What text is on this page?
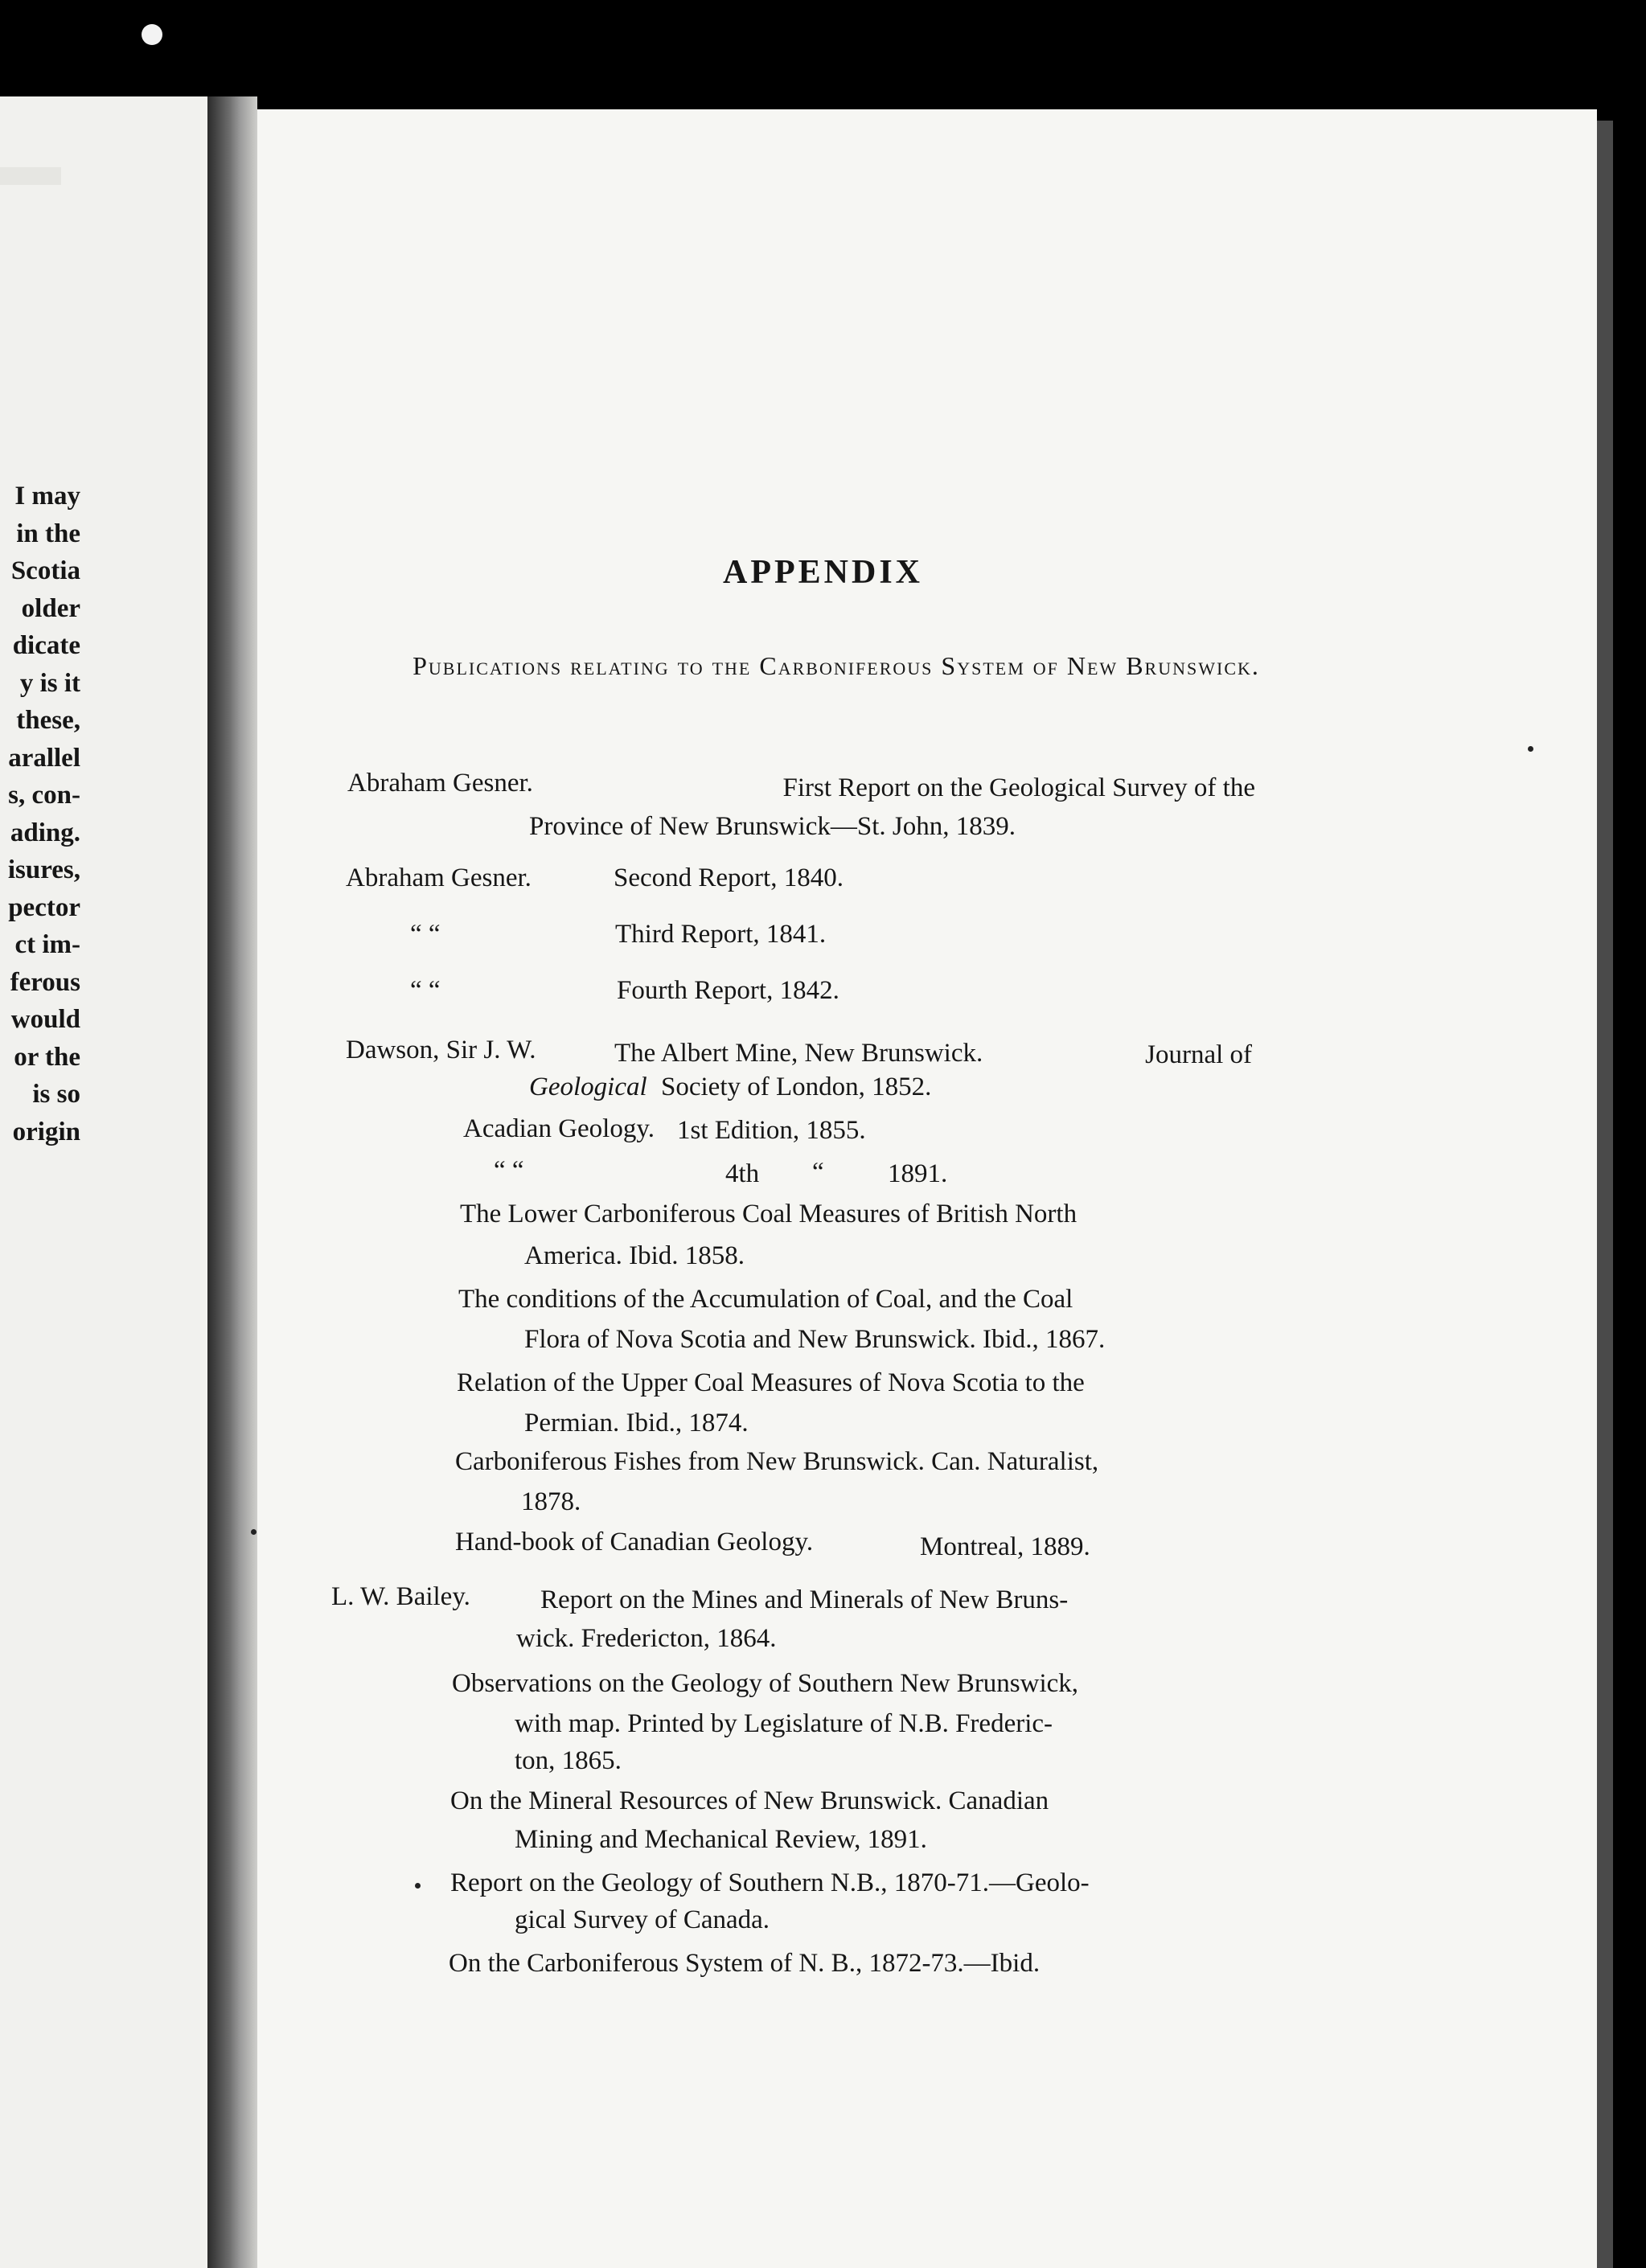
I may
in the
Scotia
older
dicate
y is it
these,
arallel
s, con-
ading.
isures,
pector
ct im-
ferous
would
or the
is so
origin
APPENDIX
Publications relating to the Carboniferous System of New Brunswick.
Abraham Gesner.	First Report on the Geological Survey of the
Province of New Brunswick—St. John, 1839.
Abraham Gesner.	Second Report, 1840.
“ “	Third Report, 1841.
“ “	Fourth Report, 1842.
Dawson, Sir J. W.	The Albert Mine, New Brunswick.	Journal of
Geological Society of London, 1852.
Acadian Geology. 1st Edition, 1855.
“ “	4th “ 1891.
The Lower Carboniferous Coal Measures of British North
America. Ibid. 1858.
The conditions of the Accumulation of Coal, and the Coal
Flora of Nova Scotia and New Brunswick. Ibid., 1867.
Relation of the Upper Coal Measures of Nova Scotia to the
Permian. Ibid., 1874.
Carboniferous Fishes from New Brunswick. Can. Naturalist,
1878.
Hand-book of Canadian Geology.	Montreal, 1889.
L. W. Bailey.	Report on the Mines and Minerals of New Bruns-
wick. Fredericton, 1864.
Observations on the Geology of Southern New Brunswick,
with map. Printed by Legislature of N.B. Frederic-
ton, 1865.
On the Mineral Resources of New Brunswick. Canadian
Mining and Mechanical Review, 1891.
Report on the Geology of Southern N.B., 1870-71.—Geolo-
gical Survey of Canada.
On the Carboniferous System of N. B., 1872-73.—Ibid.
